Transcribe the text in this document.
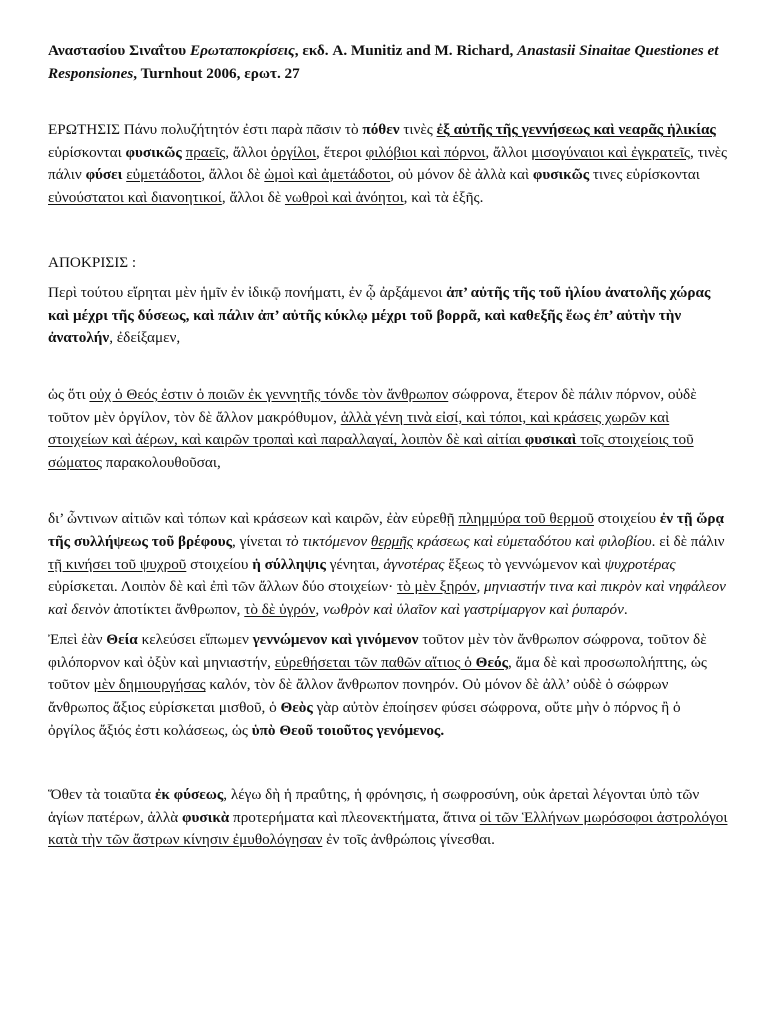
Αναστασίου Σιναΐτου Ερωταποκρίσεις, εκδ. A. Munitiz and M. Richard, Anastasii Sinaitae Questiones et Responsiones, Turnhout 2006, ερωτ. 27
ΕΡΩΤΗΣΙΣ Πάνυ πολυζήτητόν ἐστι παρὰ πᾶσιν τὸ πόθεν τινὲς ἐξ αὐτῆς τῆς γεννήσεως καὶ νεαρᾶς ἡλικίας εὑρίσκονται φυσικῶς πραεῖς, ἄλλοι ὀργίλοι, ἕτεροι φιλόβιοι καὶ πόρνοι, ἄλλοι μισογύναιοι καὶ ἐγκρατεῖς, τινὲς πάλιν φύσει εὐμετάδοτοι, ἄλλοι δὲ ὠμοὶ καὶ ἀμετάδοτοι, οὐ μόνον δὲ ἀλλὰ καὶ φυσικῶς τινες εὑρίσκονται εὐνούστατοι καὶ διανοητικοί, ἄλλοι δὲ νωθροὶ καὶ ἀνόητοι, καὶ τὰ ἑξῆς.
ΑΠΟΚΡΙΣΙΣ :
Περὶ τούτου εἴρηται μὲν ἡμῖν ἐν ἰδικῷ πονήματι, ἐν ᾧ ἀρξάμενοι ἀπ’ αὐτῆς τῆς τοῦ ἡλίου ἀνατολῆς χώρας καὶ μέχρι τῆς δύσεως, καὶ πάλιν ἀπ’ αὐτῆς κύκλῳ μέχρι τοῦ βορρᾶ, καὶ καθεξῆς ἕως ἐπ’ αὐτὴν τὴν ἀνατολήν, ἐδείξαμεν,
ὡς ὅτι οὐχ ὁ Θεός ἐστιν ὁ ποιῶν ἐκ γεννητῆς τόνδε τὸν ἄνθρωπον σώφρονα, ἕτερον δὲ πάλιν πόρνον, οὐδὲ τοῦτον μὲν ὀργίλον, τὸν δὲ ἄλλον μακρόθυμον, ἀλλὰ γένη τινὰ εἰσί, καὶ τόποι, καὶ κράσεις χωρῶν καὶ στοιχείων καὶ ἀέρων, καὶ καιρῶν τροπαὶ καὶ παραλλαγαί, λοιπὸν δὲ καὶ αἰτίαι φυσικαὶ τοῖς στοιχείοις τοῦ σώματος παρακολουθοῦσαι,
δι’ ὧντινων αἰτιῶν καὶ τόπων καὶ κράσεων καὶ καιρῶν, ἐὰν εὑρεθῇ πλημμύρα τοῦ θερμοῦ στοιχείου ἐν τῇ ὥρᾳ τῆς συλλήψεως τοῦ βρέφους, γίνεται τὸ τικτόμενον θερμῆς κράσεως καὶ εὐμεταδότου καὶ φιλοβίου. εἰ δὲ πάλιν τῇ κινήσει τοῦ ψυχροῦ στοιχείου ἡ σύλληψις γένηται, ἁγνοτέρας ἕξεως τὸ γεννώμενον καὶ ψυχροτέρας εὑρίσκεται. Λοιπὸν δὲ καὶ ἐπὶ τῶν ἄλλων δύο στοιχείων· τὸ μὲν ξηρόν, μηνιαστήν τινα καὶ πικρὸν καὶ νηφάλεον καὶ δεινὸν ἀποτίκτει ἄνθρωπον, τὸ δὲ ὑγρόν, νωθρὸν καὶ ὑλαῖον καὶ γαστρίμαργον καὶ ῥυπαρόν.
Ἐπεὶ ἐὰν Θεία κελεύσει εἴπωμεν γεννώμενον καὶ γινόμενον τοῦτον μὲν τὸν ἄνθρωπον σώφρονα, τοῦτον δὲ φιλόπορνον καὶ ὀξὺν καὶ μηνιαστήν, εὑρεθήσεται τῶν παθῶν αἴτιος ὁ Θεός, ἅμα δὲ καὶ προσωπολήπτης, ὡς τοῦτον μὲν δημιουργήσας καλόν, τὸν δὲ ἄλλον ἄνθρωπον πονηρόν. Οὐ μόνον δὲ ἀλλ’ οὐδὲ ὁ σώφρων ἄνθρωπος ἄξιος εὑρίσκεται μισθοῦ, ὁ Θεὸς γὰρ αὐτὸν ἐποίησεν φύσει σώφρονα, οὔτε μὴν ὁ πόρνος ἢ ὁ ὀργίλος ἄξιός ἐστι κολάσεως, ὡς ὑπὸ Θεοῦ τοιοῦτος γενόμενος.
Ὅθεν τὰ τοιαῦτα ἐκ φύσεως, λέγω δὴ ἡ πραΰτης, ἡ φρόνησις, ἡ σωφροσύνη, οὐκ ἀρεταὶ λέγονται ὑπὸ τῶν ἁγίων πατέρων, ἀλλὰ φυσικὰ προτερήματα καὶ πλεονεκτήματα, ἅτινα οἱ τῶν Ἑλλήνων μωρόσοφοι ἀστρολόγοι κατὰ τὴν τῶν ἄστρων κίνησιν ἐμυθολόγησαν ἐν τοῖς ἀνθρώποις γίνεσθαι.
